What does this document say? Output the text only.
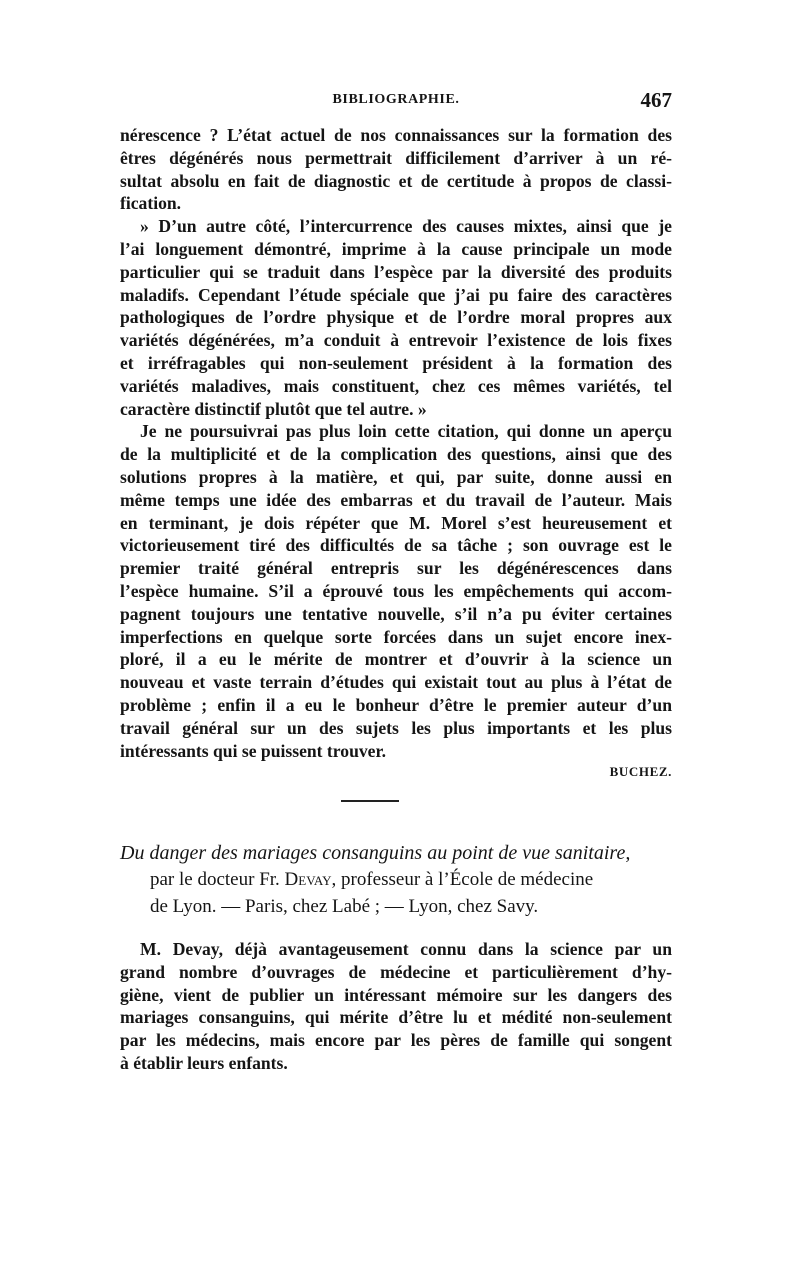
BIBLIOGRAPHIE.	467
nérescence ? L’état actuel de nos connaissances sur la formation des
êtres dégénérés nous permettrait difficilement d’arriver à un ré-
sultat absolu en fait de diagnostic et de certitude à propos de classi-
fication.
» D’un autre côté, l’intercurrence des causes mixtes, ainsi que je
l’ai longuement démontré, imprime à la cause principale un mode
particulier qui se traduit dans l’espèce par la diversité des produits
maladifs. Cependant l’étude spéciale que j’ai pu faire des caractères
pathologiques de l’ordre physique et de l’ordre moral propres aux
variétés dégénérées, m’a conduit à entrevoir l’existence de lois fixes
et irréfragables qui non-seulement président à la formation des
variétés maladives, mais constituent, chez ces mêmes variétés, tel
caractère distinctif plutôt que tel autre. »
Je ne poursuivrai pas plus loin cette citation, qui donne un aperçu
de la multiplicité et de la complication des questions, ainsi que des
solutions propres à la matière, et qui, par suite, donne aussi en
même temps une idée des embarras et du travail de l’auteur. Mais
en terminant, je dois répéter que M. Morel s’est heureusement et
victorieusement tiré des difficultés de sa tâche ; son ouvrage est le
premier traité général entrepris sur les dégénérescences dans
l’espèce humaine. S’il a éprouvé tous les empêchements qui accom-
pagnent toujours une tentative nouvelle, s’il n’a pu éviter certaines
imperfections en quelque sorte forcées dans un sujet encore inex-
ploré, il a eu le mérite de montrer et d’ouvrir à la science un
nouveau et vaste terrain d’études qui existait tout au plus à l’état de
problème ; enfin il a eu le bonheur d’être le premier auteur d’un
travail général sur un des sujets les plus importants et les plus
intéressants qui se puissent trouver.
BUCHEZ.
Du danger des mariages consanguins au point de vue sanitaire,
par le docteur Fr. Devay, professeur à l’École de médecine
de Lyon. — Paris, chez Labé ; — Lyon, chez Savy.
M. Devay, déjà avantageusement connu dans la science par un
grand nombre d’ouvrages de médecine et particulièrement d’hy-
giène, vient de publier un intéressant mémoire sur les dangers des
mariages consanguins, qui mérite d’être lu et médité non-seulement
par les médecins, mais encore par les pères de famille qui songent
à établir leurs enfants.
